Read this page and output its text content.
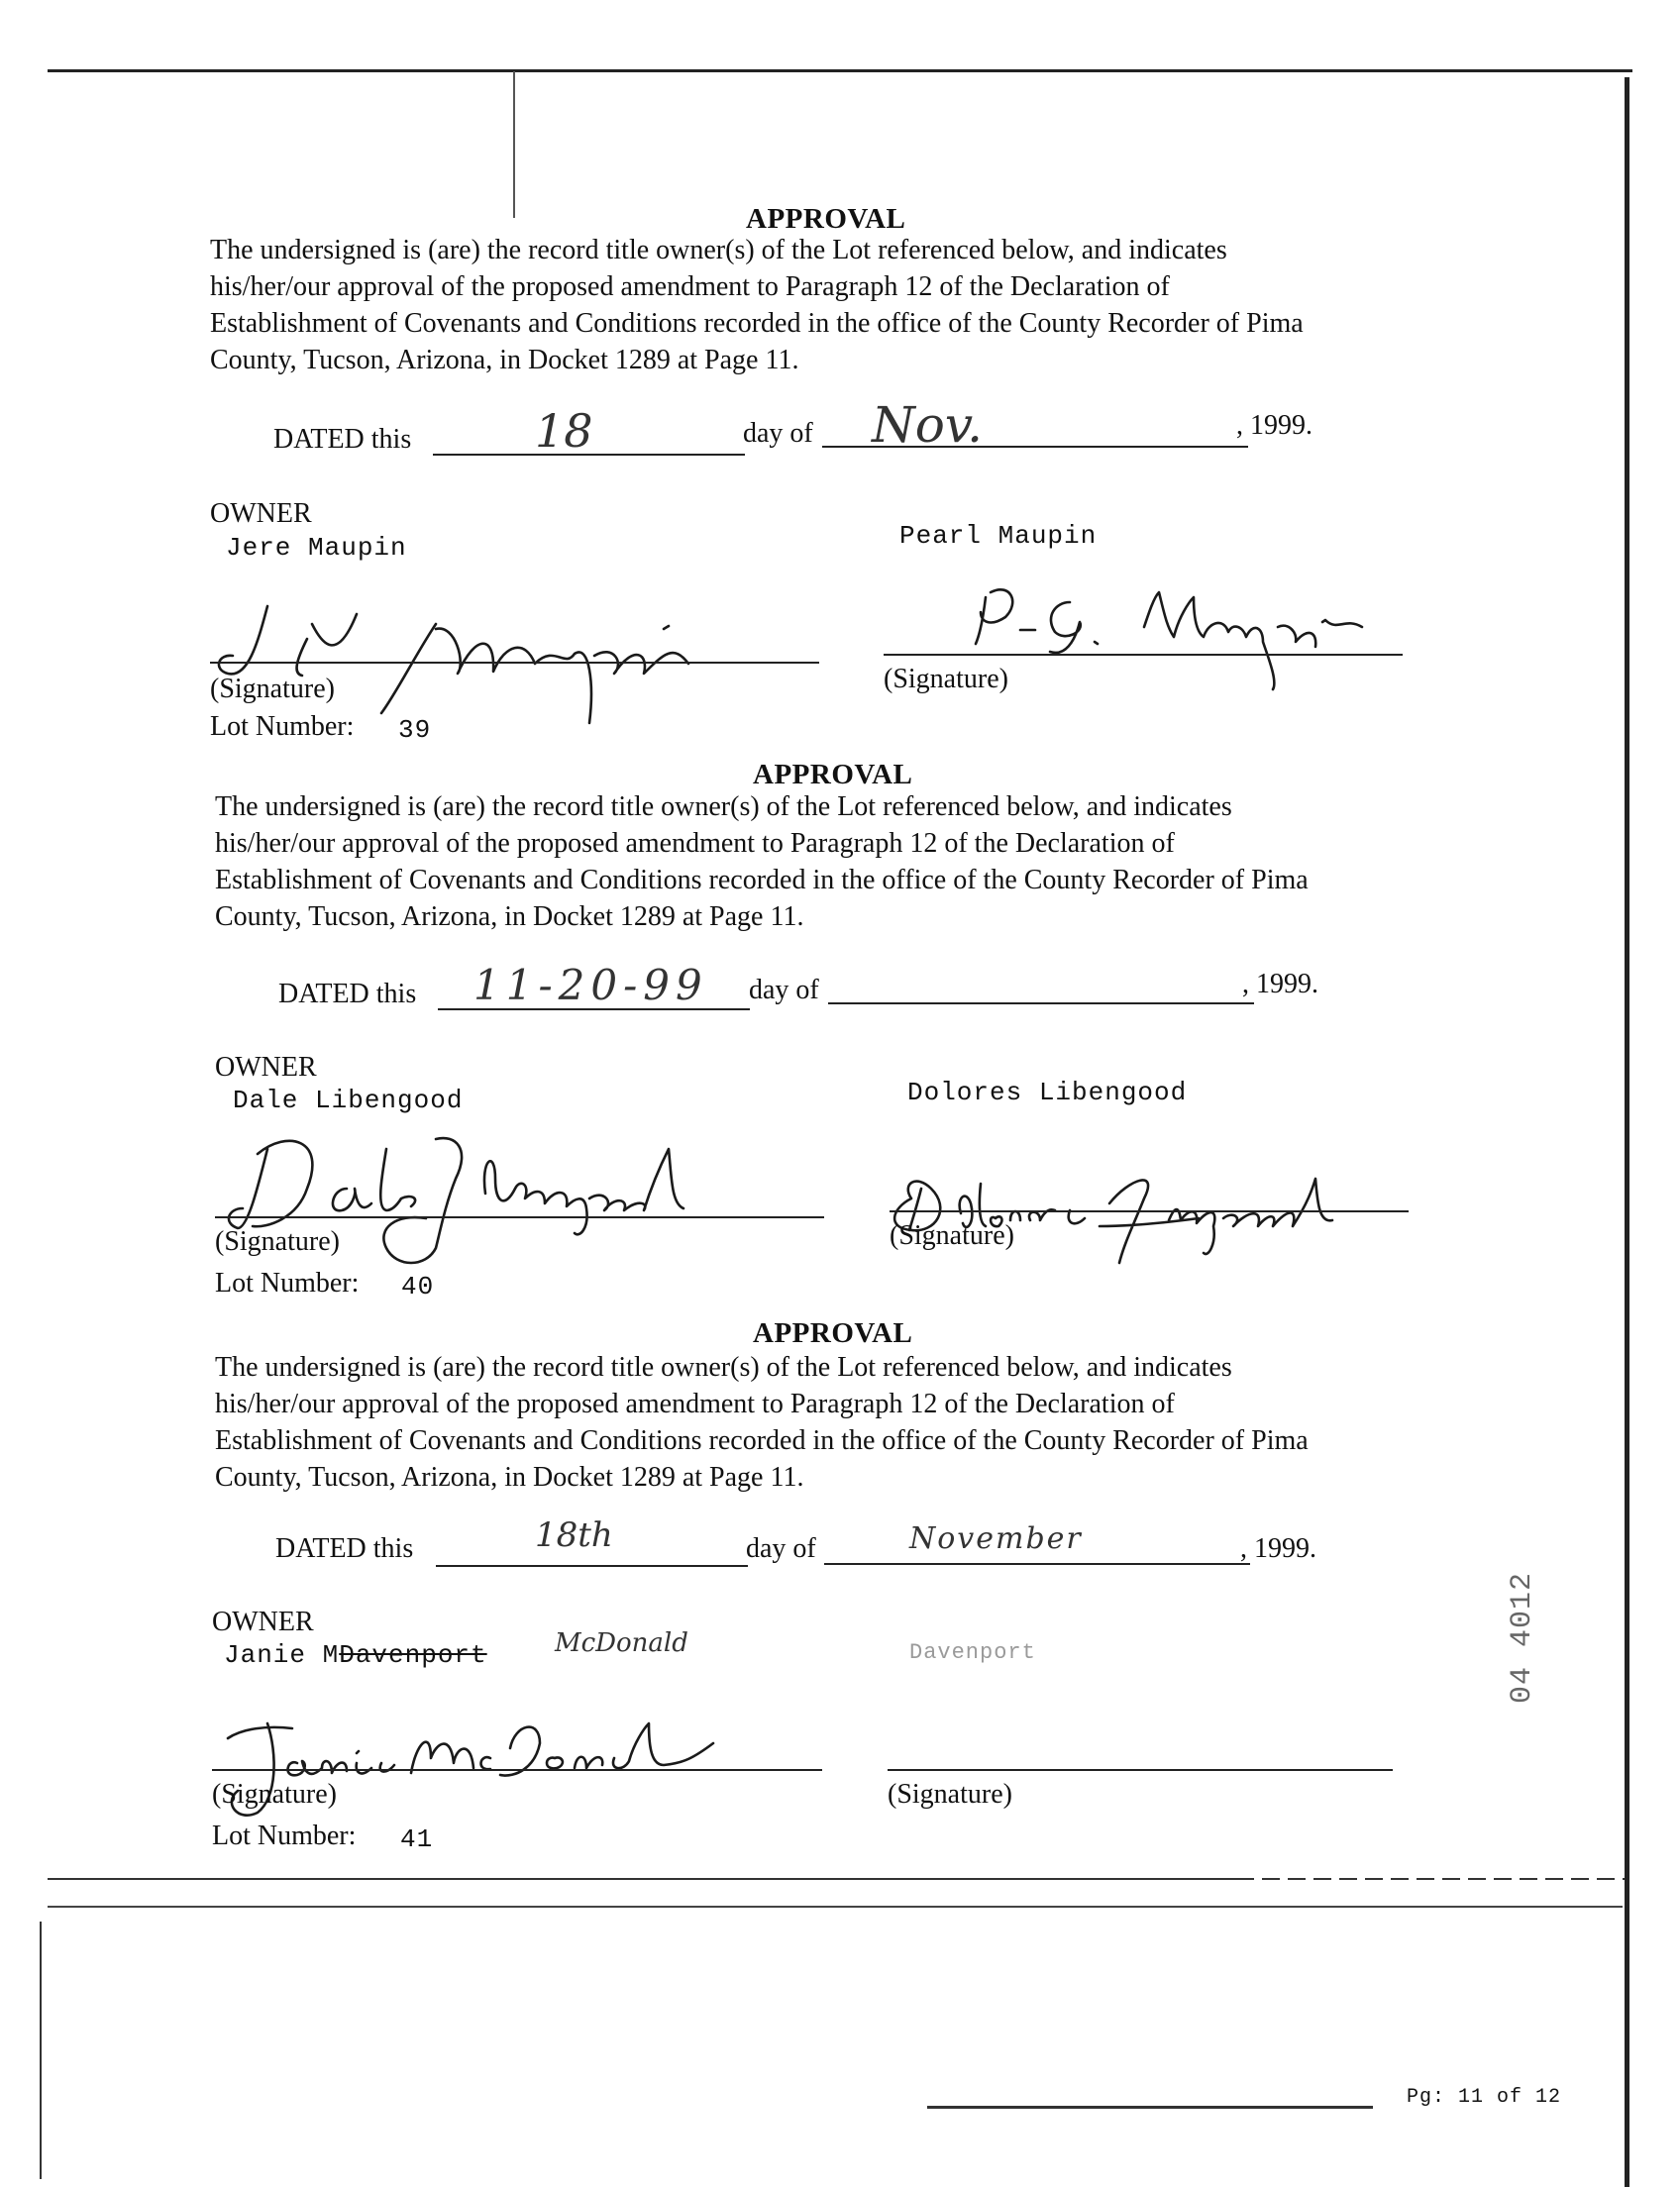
APPROVAL
The undersigned is (are) the record title owner(s) of the Lot referenced below, and indicates
his/her/our approval of the proposed amendment to Paragraph 12 of the Declaration of
Establishment of Covenants and Conditions recorded in the office of the County Recorder of Pima
County, Tucson, Arizona, in Docket 1289 at Page 11.
DATED this	18	day of Nov.	, 1999.
OWNER
Jere Maupin	Pearl Maupin
(Signature)	(Signature)
Lot Number: 39
APPROVAL
The undersigned is (are) the record title owner(s) of the Lot referenced below, and indicates
his/her/our approval of the proposed amendment to Paragraph 12 of the Declaration of
Establishment of Covenants and Conditions recorded in the office of the County Recorder of Pima
County, Tucson, Arizona, in Docket 1289 at Page 11.
DATED this 11-20-99 day of	, 1999.
OWNER
Dale Libengood	Dolores Libengood
(Signature)	(Signature)
Lot Number: 40
APPROVAL
The undersigned is (are) the record title owner(s) of the Lot referenced below, and indicates
his/her/our approval of the proposed amendment to Paragraph 12 of the Declaration of
Establishment of Covenants and Conditions recorded in the office of the County Recorder of Pima
County, Tucson, Arizona, in Docket 1289 at Page 11.
DATED this	18th	day of	November	, 1999.
OWNER
Janie MDavenport	McDonald	Davenport
(Signature)	(Signature)
Lot Number: 41
04 4012
Pg: 11 of 12
